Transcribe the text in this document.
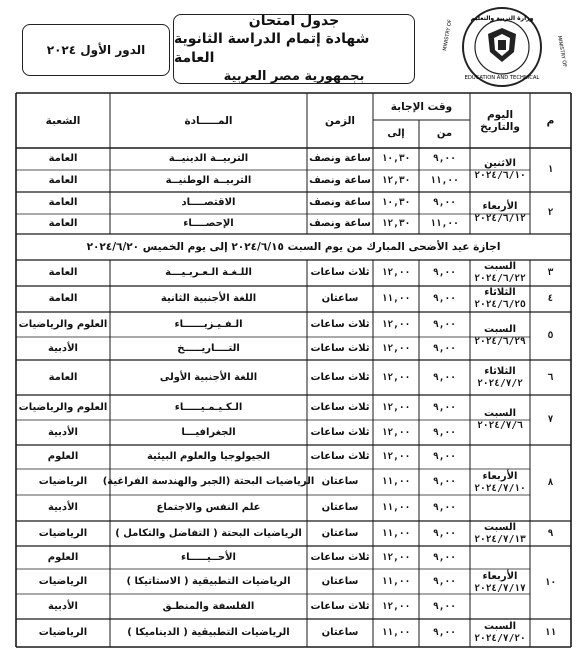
الدور الأول ٢٠٢٤
جدول امتحان
شهادة إتمام الدراسة الثانوية العامة
بجمهورية مصر العربية
وزارة التربية والتعليم
EDUCATION AND TECHNICAL
MINISTRY OF
MINISTRY OF
م
اليوم
والتاريخ
وقت الإجابة
من
إلى
الزمن
المـــــادة
الشعبة
اجازة عيد الأضحى المبارك من يوم السبت ٢٠٢٤/٦/١٥ إلى يوم الخميس ٢٠٢٤/٦/٢٠
٩,٠٠
١٠,٣٠
ساعة ونصف
التربيــة الدينيــة
العامة
١١,٠٠
١٢,٣٠
ساعة ونصف
التربيــة الوطنيــة
العامة
٩,٠٠
١٠,٣٠
ساعة ونصف
الاقتصــــاد
العامة
١١,٠٠
١٢,٣٠
ساعة ونصف
الإحصــــاء
العامة
٩,٠٠
١٢,٠٠
ثلاث ساعات
اللـغـة الـعـربـيـــة
العامة
٩,٠٠
١١,٠٠
ساعتان
اللغة الأجنبية الثانية
العامة
٩,٠٠
١٢,٠٠
ثلاث ساعات
الـفـيـزيــــــاء
العلوم والرياضيات
٩,٠٠
١٢,٠٠
ثلاث ساعات
التــــاريـــــخ
الأدبية
٩,٠٠
١٢,٠٠
ثلاث ساعات
اللغة الأجنبية الأولى
العامة
٩,٠٠
١٢,٠٠
ثلاث ساعات
الـكـيـمـيـــــاء
العلوم والرياضيات
٩,٠٠
١٢,٠٠
ثلاث ساعات
الجغرافيـــا
الأدبية
٩,٠٠
١٢,٠٠
ثلاث ساعات
الجيولوجيا والعلوم البيئية
العلوم
٩,٠٠
١١,٠٠
ساعتان
الرياضيات البحتة (الجبر والهندسة الفراغية)
الرياضيات
٩,٠٠
١١,٠٠
ساعتان
علم النفس والاجتماع
الأدبية
٩,٠٠
١١,٠٠
ساعتان
الرياضيات البحتة ( التفاضل والتكامل )
الرياضيات
٩,٠٠
١٢,٠٠
ثلاث ساعات
الأحــيـــــاء
العلوم
٩,٠٠
١١,٠٠
ساعتان
الرياضيات التطبيقية ( الاستاتيكا )
الرياضيات
٩,٠٠
١٢,٠٠
ثلاث ساعات
الفلسفة والمنطـق
الأدبية
٩,٠٠
١١,٠٠
ساعتان
الرياضيات التطبيقية ( الديناميكا )
الرياضيات
١
الاثنين
٢٠٢٤/٦/١٠
٢
الأربعاء
٢٠٢٤/٦/١٢
٣
السبت
٢٠٢٤/٦/٢٢
٤
الثلاثاء
٢٠٢٤/٦/٢٥
٥
السبت
٢٠٢٤/٦/٢٩
٦
الثلاثاء
٢٠٢٤/٧/٢
٧
السبت
٢٠٢٤/٧/٦
٨
الأربعاء
٢٠٢٤/٧/١٠
٩
السبت
٢٠٢٤/٧/١٣
١٠
الأربعاء
٢٠٢٤/٧/١٧
١١
السبت
٢٠٢٤/٧/٢٠
